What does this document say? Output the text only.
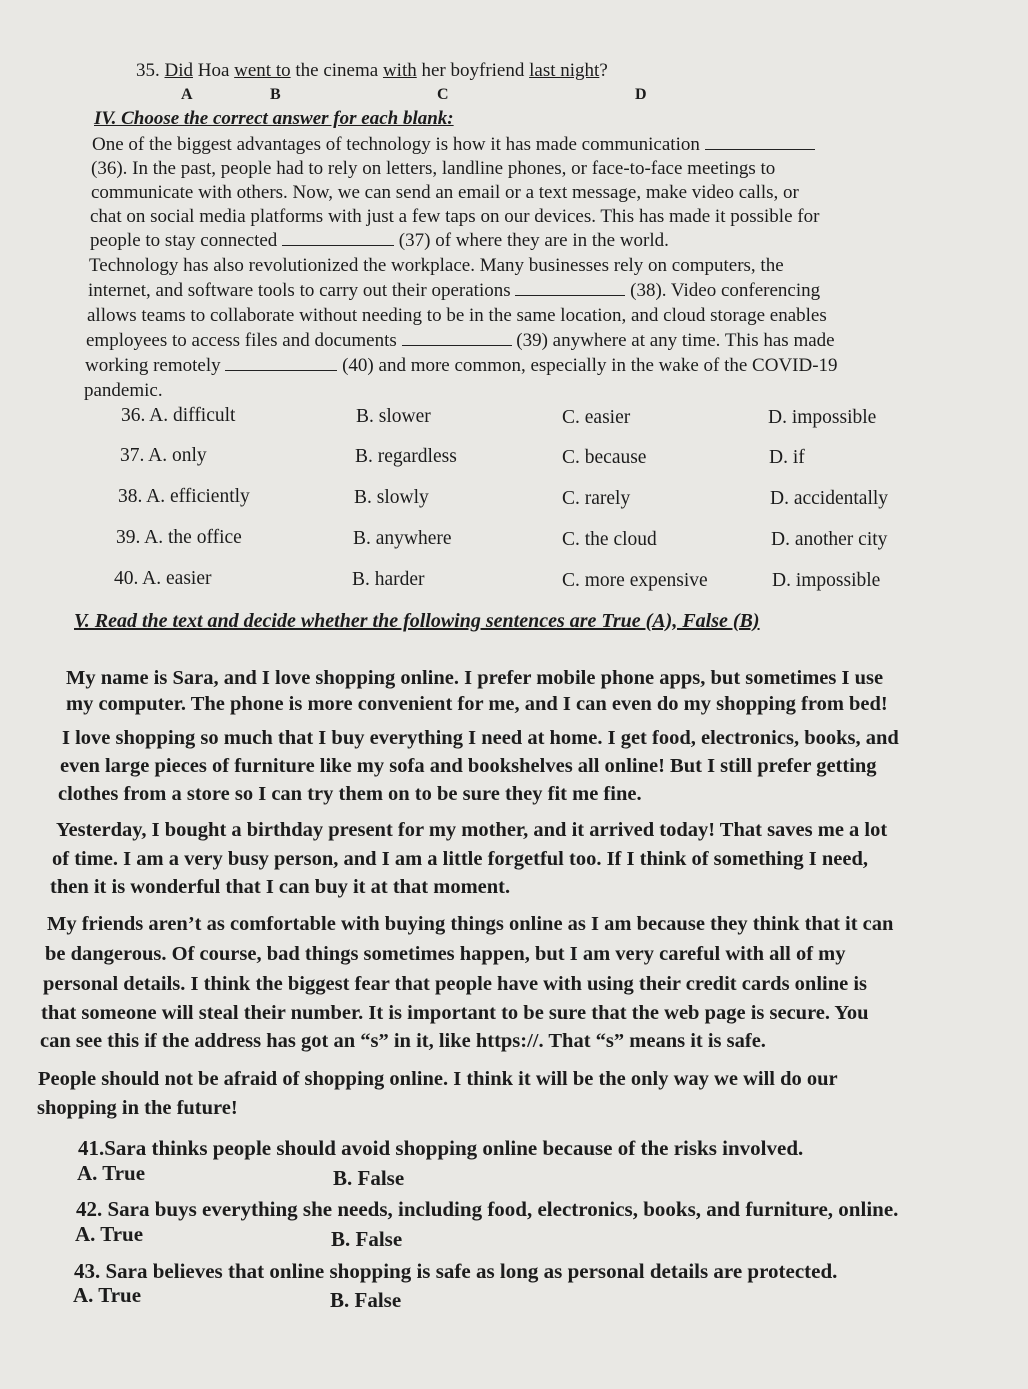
35. Did Hoa went to the cinema with her boyfriend last night?
A	B	C	D
IV. Choose the correct answer for each blank:
One of the biggest advantages of technology is how it has made communication
(36). In the past, people had to rely on letters, landline phones, or face-to-face meetings to
communicate with others. Now, we can send an email or a text message, make video calls, or
chat on social media platforms with just a few taps on our devices. This has made it possible for
people to stay connected	(37) of where they are in the world.
Technology has also revolutionized the workplace. Many businesses rely on computers, the
internet, and software tools to carry out their operations	(38). Video conferencing
allows teams to collaborate without needing to be in the same location, and cloud storage enables
employees to access files and documents	(39) anywhere at any time. This has made
working remotely	(40) and more common, especially in the wake of the COVID-19
pandemic.
36. A. difficult	B. slower	C. easier	D. impossible
37. A. only	B. regardless	C. because	D. if
38. A. efficiently	B. slowly	C. rarely	D. accidentally
39. A. the office	B. anywhere	C. the cloud	D. another city
40. A. easier	B. harder	C. more expensive	D. impossible
V. Read the text and decide whether the following sentences are True (A), False (B)
My name is Sara, and I love shopping online. I prefer mobile phone apps, but sometimes I use
my computer. The phone is more convenient for me, and I can even do my shopping from bed!
I love shopping so much that I buy everything I need at home. I get food, electronics, books, and
even large pieces of furniture like my sofa and bookshelves all online! But I still prefer getting
clothes from a store so I can try them on to be sure they fit me fine.
Yesterday, I bought a birthday present for my mother, and it arrived today! That saves me a lot
of time. I am a very busy person, and I am a little forgetful too. If I think of something I need,
then it is wonderful that I can buy it at that moment.
My friends aren’t as comfortable with buying things online as I am because they think that it can
be dangerous. Of course, bad things sometimes happen, but I am very careful with all of my
personal details. I think the biggest fear that people have with using their credit cards online is
that someone will steal their number. It is important to be sure that the web page is secure. You
can see this if the address has got an “s” in it, like https://. That “s” means it is safe.
People should not be afraid of shopping online. I think it will be the only way we will do our
shopping in the future!
41.Sara thinks people should avoid shopping online because of the risks involved.
A. True	B. False
42. Sara buys everything she needs, including food, electronics, books, and furniture, online.
A. True	B. False
43. Sara believes that online shopping is safe as long as personal details are protected.
A. True	B. False
